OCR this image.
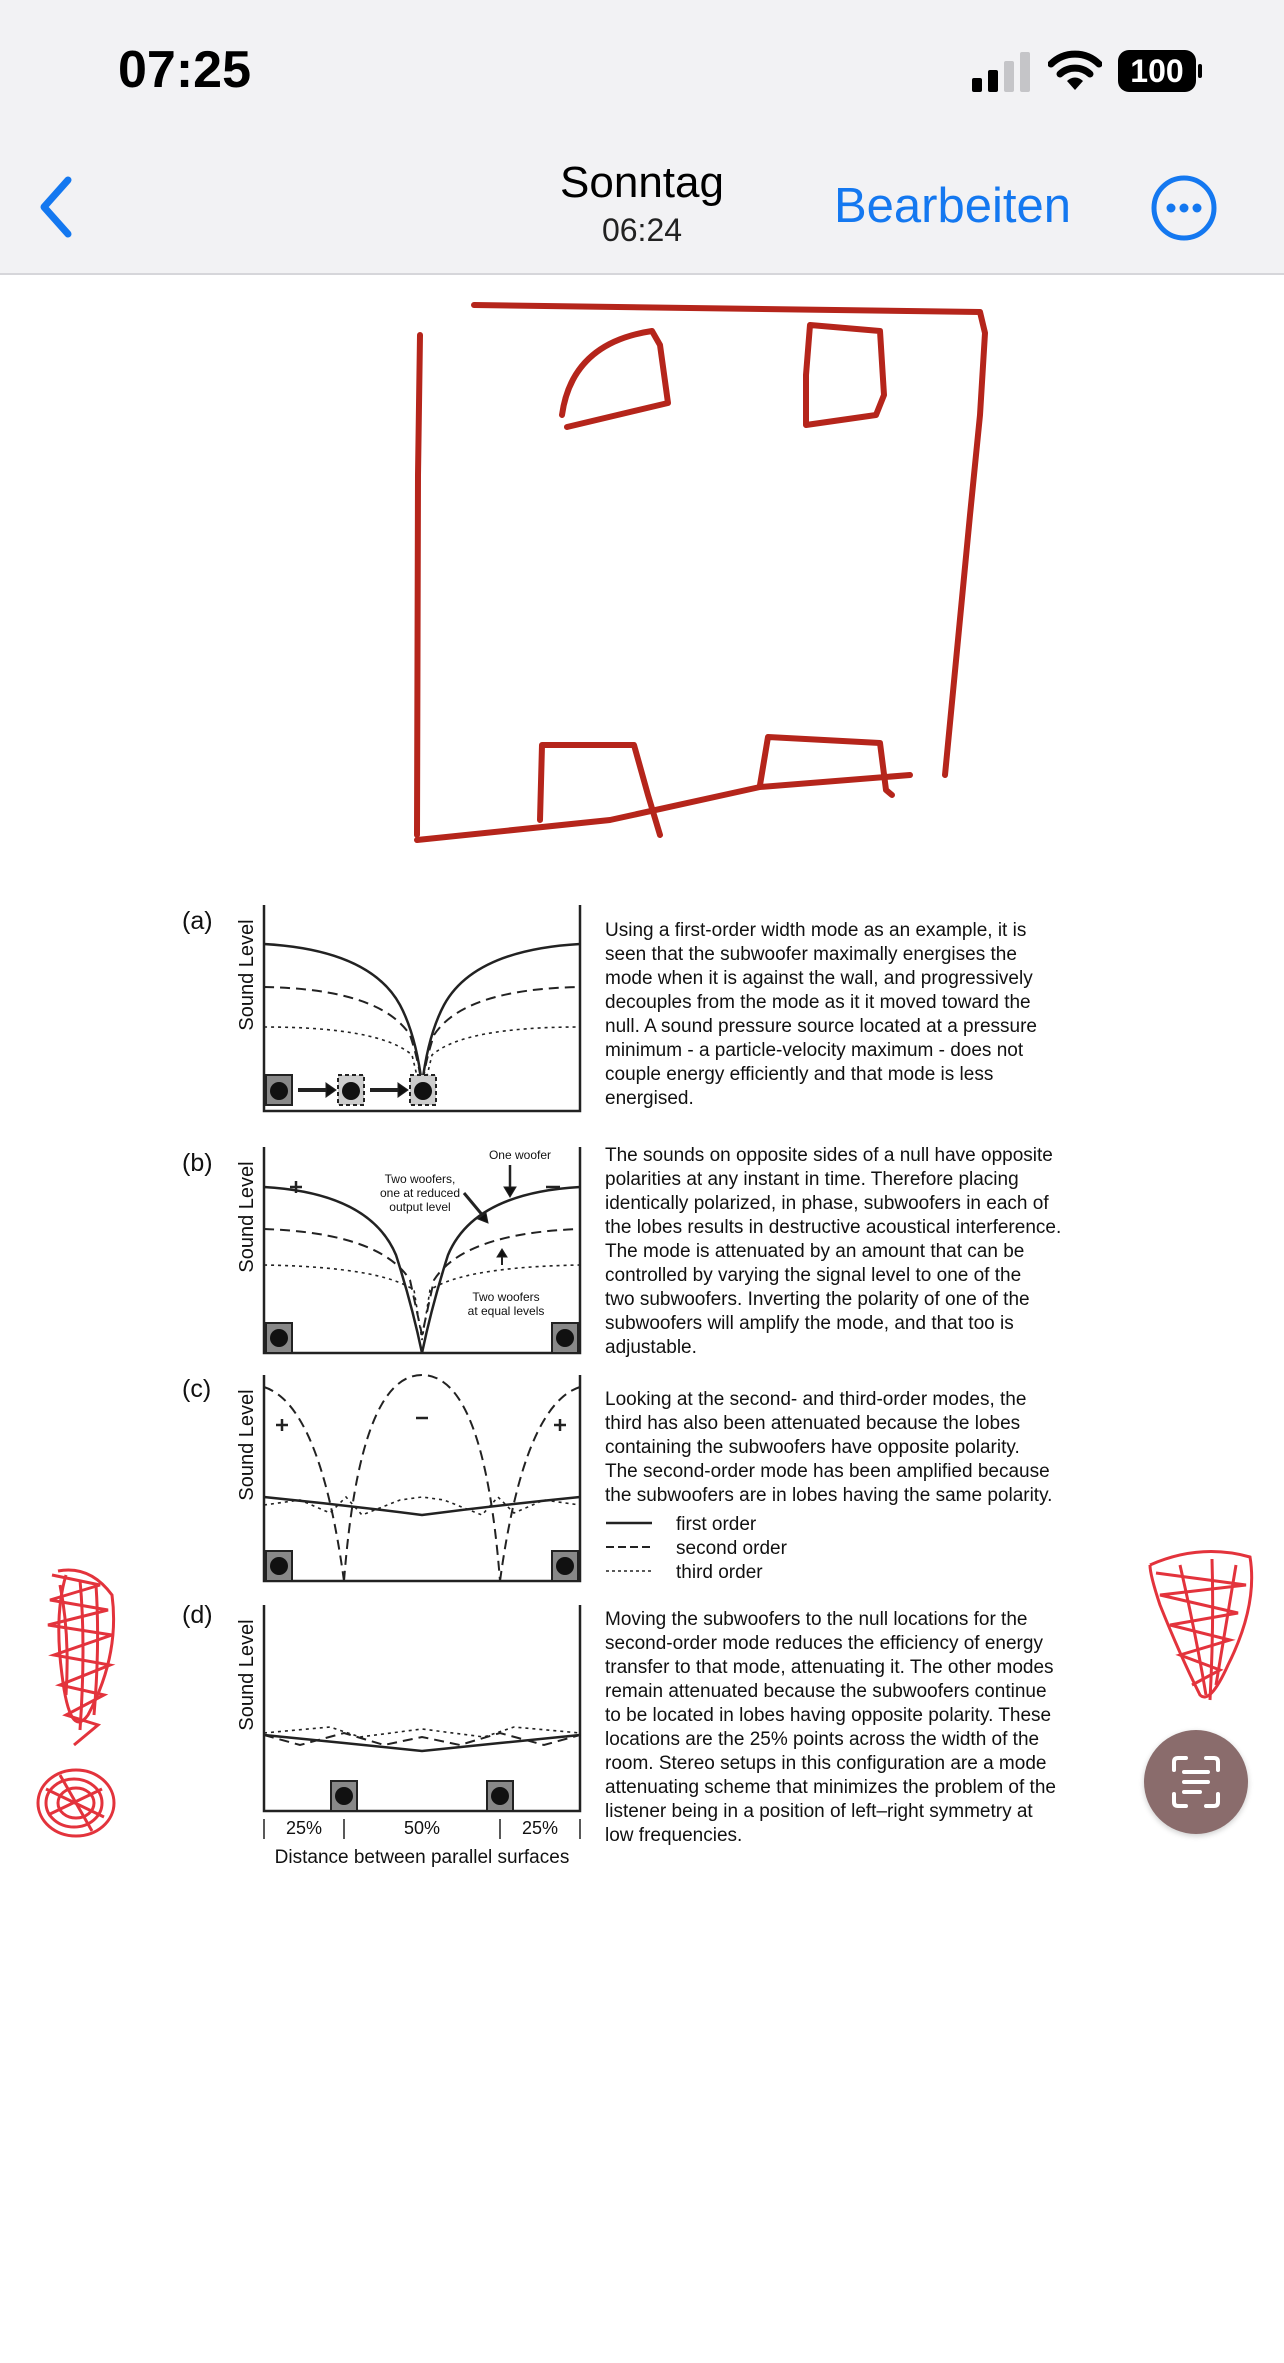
07:25	100
Sonntag
06:24	Bearbeiten
(a)
(b)
(c)
(d)
Sound Level
Sound Level
Sound Level
Sound Level
One woofer
Two woofers,
one at reduced
output level
Two woofers
at equal levels
25%	50%	25%
Distance between parallel surfaces
first order
second order
third order
Using a first-order width mode as an example, it is
seen that the subwoofer maximally energises the
mode when it is against the wall, and progressively
decouples from the mode as it it moved toward the
null. A sound pressure source located at a pressure
minimum - a particle-velocity maximum - does not
couple energy efficiently and that mode is less
energised.
The sounds on opposite sides of a null have opposite
polarities at any instant in time. Therefore placing
identically polarized, in phase, subwoofers in each of
the lobes results in destructive acoustical interference.
The mode is attenuated by an amount that can be
controlled by varying the signal level to one of the
two subwoofers. Inverting the polarity of one of the
subwoofers will amplify the mode, and that too is
adjustable.
Looking at the second- and third-order modes, the
third has also been attenuated because the lobes
containing the subwoofers have opposite polarity.
The second-order mode has been amplified because
the subwoofers are in lobes having the same polarity.
Moving the subwoofers to the null locations for the
second-order mode reduces the efficiency of energy
transfer to that mode, attenuating it. The other modes
remain attenuated because the subwoofers continue
to be located in lobes having opposite polarity. These
locations are the 25% points across the width of the
room. Stereo setups in this configuration are a mode
attenuating scheme that minimizes the problem of the
listener being in a position of left–right symmetry at
low frequencies.
